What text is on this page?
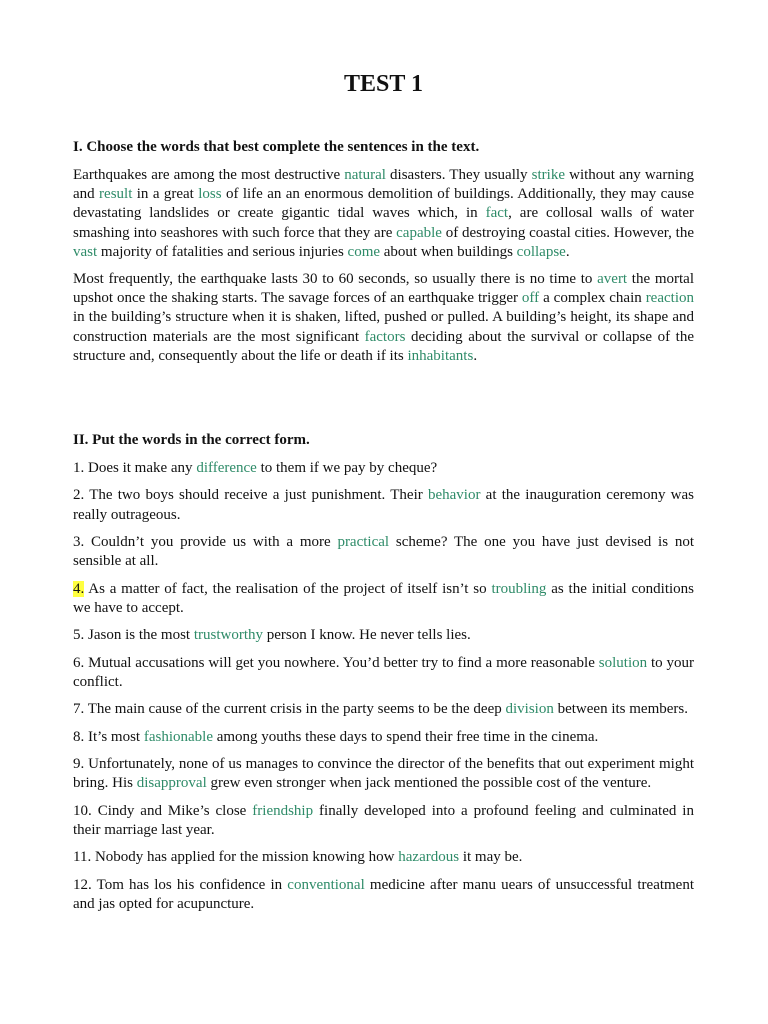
TEST 1
I. Choose the words that best complete the sentences in the text.

Earthquakes are among the most destructive natural disasters. They usually strike without any warning and result in a great loss of life an an enormous demolition of buildings. Additionally, they may cause devastating landslides or create gigantic tidal waves which, in fact, are collosal walls of water smashing into seashores with such force that they are capable of destroying coastal cities. However, the vast majority of fatalities and serious injuries come about when buildings collapse.

Most frequently, the earthquake lasts 30 to 60 seconds, so usually there is no time to avert the mortal upshot once the shaking starts. The savage forces of an earthquake trigger off a complex chain reaction in the building’s structure when it is shaken, lifted, pushed or pulled. A building’s height, its shape and construction materials are the most significant factors deciding about the survival or collapse of the structure and, consequently about the life or death if its inhabitants.

II. Put the words in the correct form.

1. Does it make any difference to them if we pay by cheque?

2. The two boys should receive a just punishment. Their behavior at the inauguration ceremony was really outrageous.

3. Couldn’t you provide us with a more practical scheme? The one you have just devised is not sensible at all.

4. As a matter of fact, the realisation of the project of itself isn’t so troubling as the initial conditions we have to accept.

5. Jason is the most trustworthy person I know. He never tells lies.

6. Mutual accusations will get you nowhere. You’d better try to find a more reasonable solution to your conflict.

7. The main cause of the current crisis in the party seems to be the deep division between its members.

8. It’s most fashionable among youths these days to spend their free time in the cinema.

9. Unfortunately, none of us manages to convince the director of the benefits that out experiment might bring. His disapproval grew even stronger when jack mentioned the possible cost of the venture.

10. Cindy and Mike’s close friendship finally developed into a profound feeling and culminated in their marriage last year.

11. Nobody has applied for the mission knowing how hazardous it may be.

12. Tom has los his confidence in conventional medicine after manu uears of unsuccessful treatment and jas opted for acupuncture.
